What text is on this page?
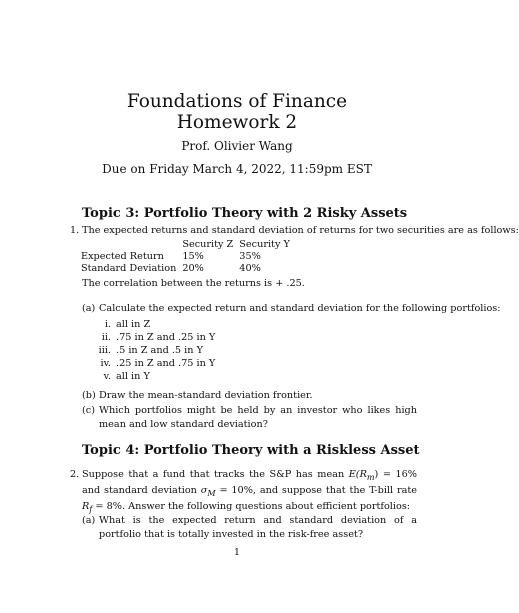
Foundations of Finance
Homework 2
Prof. Olivier Wang
Due on Friday March 4, 2022, 11:59pm EST
Topic 3: Portfolio Theory with 2 Risky Assets
1. The expected returns and standard deviation of returns for two securities are as follows:

	Security Z	Security Y
Expected Return	15%	35%
Standard Deviation	20%	40%

The correlation between the returns is + .25.

(a) Calculate the expected return and standard deviation for the following portfolios:

i. all in Z
ii. .75 in Z and .25 in Y
iii. .5 in Z and .5 in Y
iv. .25 in Z and .75 in Y
v. all in Y
(b) Draw the mean-standard deviation frontier.

(c) Which portfolios might be held by an investor who likes high mean and low standard deviation?

Topic 4: Portfolio Theory with a Riskless Asset
2. Suppose that a fund that tracks the S&P has mean $E(R_m) = 16\%$ and standard deviation $\sigma_M = 10\%$, and suppose that the T-bill rate $R_f = 8\%$. Answer the following questions about efficient portfolios:

(a) What is the expected return and standard deviation of a portfolio that is totally invested in the risk-free asset?

1
